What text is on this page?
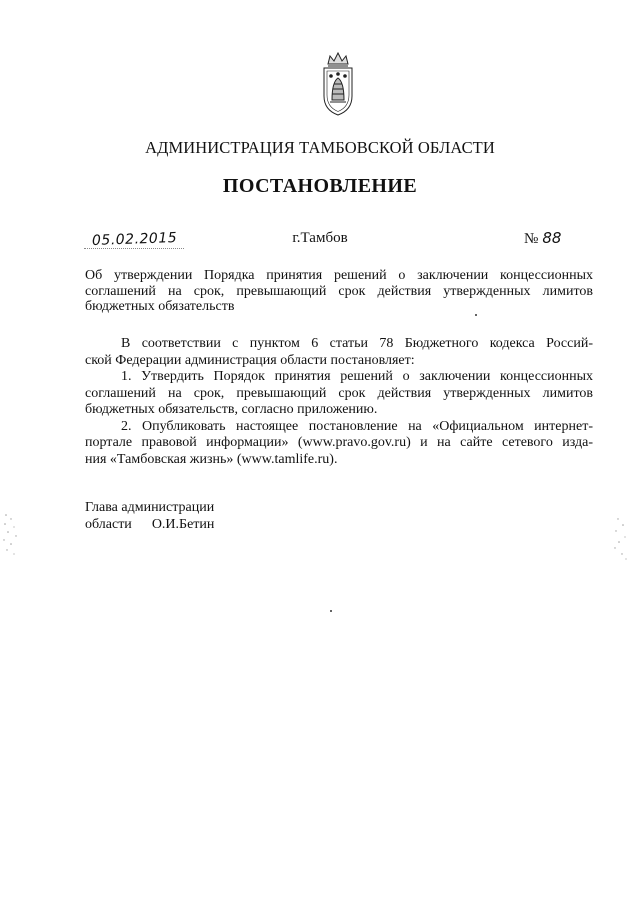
АДМИНИСТРАЦИЯ ТАМБОВСКОЙ ОБЛАСТИ
ПОСТАНОВЛЕНИЕ
05.02.2015	г.Тамбов	№ 88
Об утверждении Порядка принятия решений о заключении концессионных
соглашений на срок, превышающий срок действия утвержденных лимитов
бюджетных обязательств
В соответствии с пунктом 6 статьи 78 Бюджетного кодекса Россий-
ской Федерации администрация области постановляет:
1. Утвердить Порядок принятия решений о заключении концессионных
соглашений на срок, превышающий срок действия утвержденных лимитов
бюджетных обязательств, согласно приложению.
2. Опубликовать настоящее постановление на «Официальном интернет-
портале правовой информации» (www.pravo.gov.ru) и на сайте сетевого изда-
ния «Тамбовская жизнь» (www.tamlife.ru).
Глава администрации
области О.И.Бетин
